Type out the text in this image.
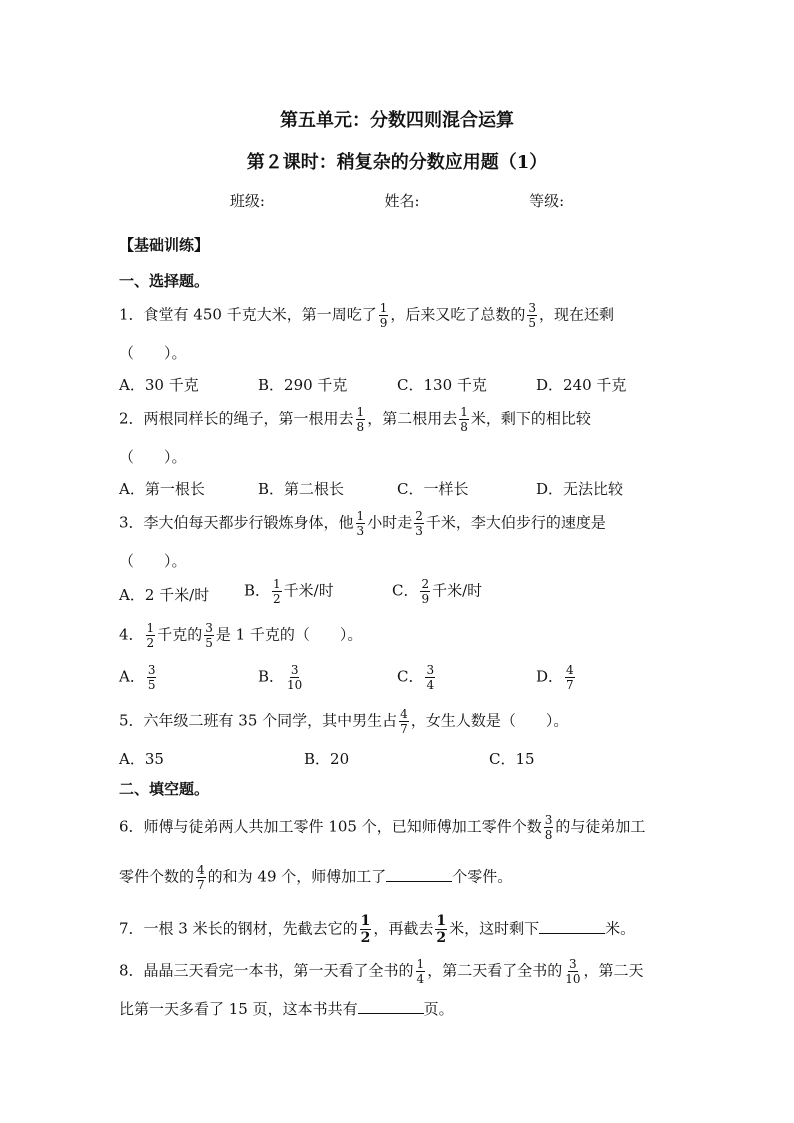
第五单元：分数四则混合运算
第２课时：稍复杂的分数应用题（1）
班级:	姓名:	等级:
【基础训练】
一、选择题。
1．食堂有 450 千克大米，第一周吃了 $\frac{1}{9}$ ，后来又吃了总数的 $\frac{3}{5}$ ，现在还剩
（　　）。
A．30 千克	B．290 千克	C．130 千克	D．240 千克
2．两根同样长的绳子，第一根用去 $\frac{1}{8}$ ，第二根用去 $\frac{1}{8}$ 米，剩下的相比较
（　　）。
A．第一根长	B．第二根长	C．一样长	D．无法比较
3．李大伯每天都步行锻炼身体，他 $\frac{1}{3}$ 小时走 $\frac{2}{3}$ 千米，李大伯步行的速度是
（　　）。
A．2 千米/时 B． $\frac{1}{2}$ 千米/时	C． $\frac{2}{9}$ 千米/时
4． $\frac{1}{2}$ 千克的 $\frac{3}{5}$ 是 1 千克的（　　）。
A． $\frac{3}{5}$	B． $\frac{3}{10}$	C． $\frac{3}{4}$	D． $\frac{4}{7}$
5．六年级二班有 35 个同学，其中男生占 $\frac{4}{7}$ ，女生人数是（　　）。
A．35	B．20	C．15
二、填空题。
6．师傅与徒弟两人共加工零件 105 个，已知师傅加工零件个数 $\frac{3}{8}$ 的与徒弟加工
零件个数的 $\frac{4}{7}$ 的和为 49 个，师傅加工了	个零件。
7．一根 3 米长的钢材，先截去它的 $\frac{1}{2}$ ，再截去 $\frac{1}{2}$ 米，这时剩下	米。
8．晶晶三天看完一本书，第一天看了全书的 $\frac{1}{4}$ ，第二天看了全书的 $\frac{3}{10}$ ，第二天
比第一天多看了 15 页，这本书共有	页。
